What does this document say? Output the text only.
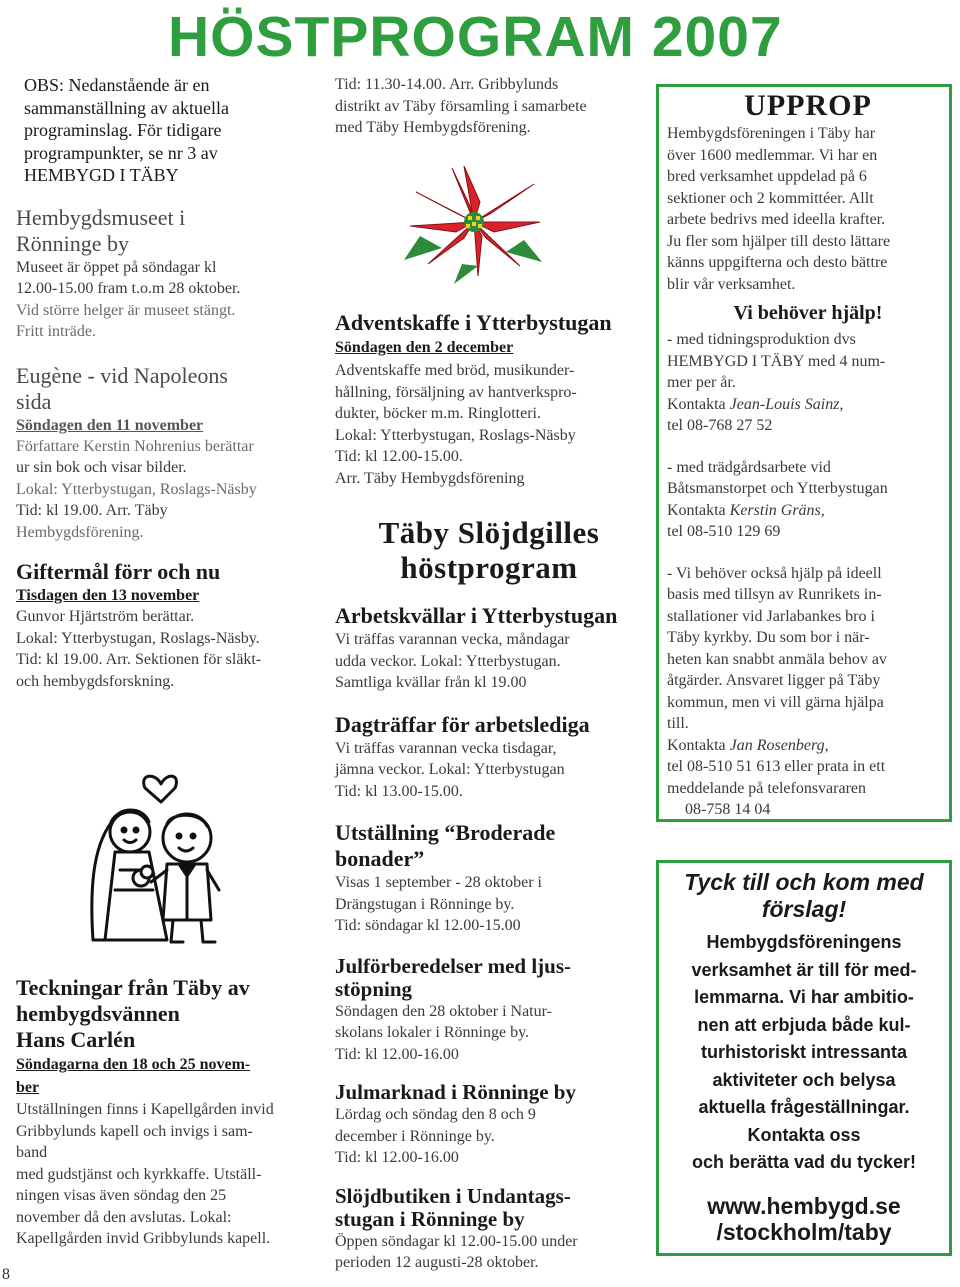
HÖSTPROGRAM 2007

OBS: Nedanstående är en

sammanställning av aktuella

programinslag. För tidigare

programpunkter, se nr 3 av

HEMBYGD I TÄBY

Hembygdsmuseet i

Rönninge by

Museet är öppet på söndagar kl

12.00-15.00 fram t.o.m 28 oktober.

Vid större helger är museet stängt.

Fritt inträde.

Eugène - vid Napoleons

sida

Söndagen den 11 november

Författare Kerstin Nohrenius berättar

ur sin bok och visar bilder.

Lokal: Ytterbystugan, Roslags-Näsby

Tid: kl 19.00. Arr. Täby

Hembygdsförening.

Giftermål förr och nu

Tisdagen den 13 november

Gunvor Hjärtström berättar.

Lokal: Ytterbystugan, Roslags-Näsby.

Tid: kl 19.00. Arr. Sektionen för släkt-

och hembygdsforskning.

Teckningar från Täby av

hembygdsvännen

Hans Carlén

Söndagarna den 18 och 25 novem-

ber

Utställningen finns i Kapellgården invid

Gribbylunds kapell och invigs i sam-

band

med gudstjänst och kyrkkaffe. Utställ-

ningen visas även söndag den 25

november då den avslutas. Lokal:

Kapellgården invid Gribbylunds kapell.

Tid: 11.30-14.00. Arr. Gribbylunds

distrikt av Täby församling i samarbete

med Täby Hembygdsförening.

Adventskaffe i Ytterbystugan

Söndagen den 2 december

Adventskaffe med bröd, musikunder-

hållning, försäljning av hantverkspro-

dukter, böcker m.m. Ringlotteri.

Lokal: Ytterbystugan, Roslags-Näsby

Tid: kl 12.00-15.00.

Arr. Täby Hembygdsförening

Täby Slöjdgilles

höstprogram

Arbetskvällar i Ytterbystugan

Vi träffas varannan vecka, måndagar

udda veckor. Lokal: Ytterbystugan.

Samtliga kvällar från kl 19.00

Dagträffar för arbetslediga

Vi träffas varannan vecka tisdagar,

jämna veckor. Lokal: Ytterbystugan

Tid: kl 13.00-15.00.

Utställning “Broderade

bonader”

Visas 1 september - 28 oktober i

Drängstugan i Rönninge by.

Tid: söndagar kl 12.00-15.00

Julförberedelser med ljus-

stöpning

Söndagen den 28 oktober i Natur-

skolans lokaler i Rönninge by.

Tid: kl 12.00-16.00

Julmarknad i Rönninge by

Lördag och söndag den 8 och 9

december i Rönninge by.

Tid: kl 12.00-16.00

Slöjdbutiken i Undantags-

stugan i Rönninge by

Öppen söndagar kl 12.00-15.00 under

perioden 12 augusti-28 oktober.

UPPROP

Hembygdsföreningen i Täby har

över 1600 medlemmar. Vi har en

bred verksamhet uppdelad på 6

sektioner och 2 kommittéer. Allt

arbete bedrivs med ideella krafter.

Ju fler som hjälper till desto lättare

känns uppgifterna och desto bättre

blir vår verksamhet.

Vi behöver hjälp!

- med tidningsproduktion dvs

HEMBYGD I TÄBY med 4 num-

mer per år.

Kontakta Jean-Louis Sainz,

tel 08-768 27 52

- med trädgårdsarbete vid

Båtsmanstorpet och Ytterbystugan

Kontakta Kerstin Gräns,

tel 08-510 129 69

- Vi behöver också hjälp på ideell

basis med tillsyn av Runrikets in-

stallationer vid Jarlabankes bro i

Täby kyrkby. Du som bor i när-

heten kan snabbt anmäla behov av

åtgärder. Ansvaret ligger på Täby

kommun, men vi vill gärna hjälpa

till.

Kontakta Jan Rosenberg,

tel 08-510 51 613 eller prata in ett

meddelande på telefonsvararen

08-758 14 04

Tyck till och kom med
förslag!
Hembygdsföreningens
verksamhet är till för med-
lemmarna. Vi har ambitio-
nen att erbjuda både kul-
turhistoriskt intressanta
aktiviteter och belysa
aktuella frågeställningar.
Kontakta oss
och berätta vad du tycker!
www.hembygd.se
/stockholm/taby
8
